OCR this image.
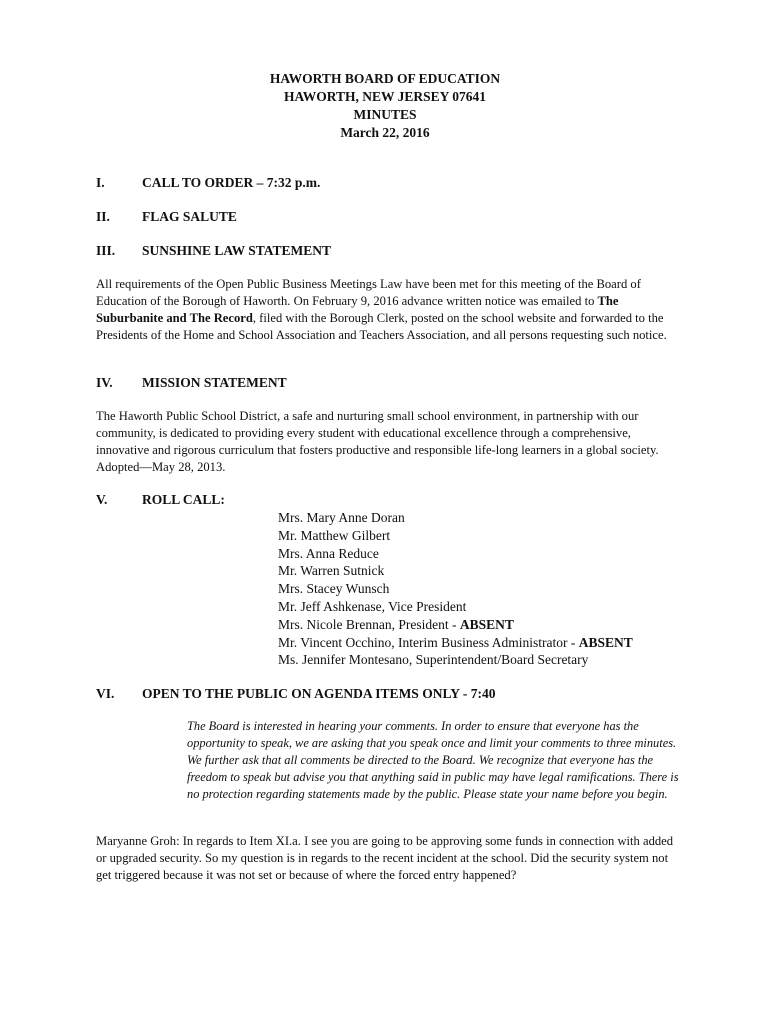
HAWORTH BOARD OF EDUCATION
HAWORTH, NEW JERSEY 07641
MINUTES
March 22, 2016
I.	CALL TO ORDER – 7:32 p.m.
II. FLAG SALUTE
III. SUNSHINE LAW STATEMENT
All requirements of the Open Public Business Meetings Law have been met for this meeting of the Board of Education of the Borough of Haworth. On February 9, 2016 advance written notice was emailed to The Suburbanite and The Record, filed with the Borough Clerk, posted on the school website and forwarded to the Presidents of the Home and School Association and Teachers Association, and all persons requesting such notice.
IV. MISSION STATEMENT
The Haworth Public School District, a safe and nurturing small school environment, in partnership with our community, is dedicated to providing every student with educational excellence through a comprehensive, innovative and rigorous curriculum that fosters productive and responsible life-long learners in a global society. Adopted—May 28, 2013.
V.	ROLL CALL:
Mrs. Mary Anne Doran
Mr. Matthew Gilbert
Mrs. Anna Reduce
Mr. Warren Sutnick
Mrs. Stacey Wunsch
Mr. Jeff Ashkenase, Vice President
Mrs. Nicole Brennan, President - ABSENT
Mr. Vincent Occhino, Interim Business Administrator - ABSENT
Ms. Jennifer Montesano, Superintendent/Board Secretary
VI. OPEN TO THE PUBLIC ON AGENDA ITEMS ONLY - 7:40
The Board is interested in hearing your comments. In order to ensure that everyone has the opportunity to speak, we are asking that you speak once and limit your comments to three minutes. We further ask that all comments be directed to the Board. We recognize that everyone has the freedom to speak but advise you that anything said in public may have legal ramifications. There is no protection regarding statements made by the public. Please state your name before you begin.
Maryanne Groh: In regards to Item XI.a. I see you are going to be approving some funds in connection with added or upgraded security. So my question is in regards to the recent incident at the school. Did the security system not get triggered because it was not set or because of where the forced entry happened?
